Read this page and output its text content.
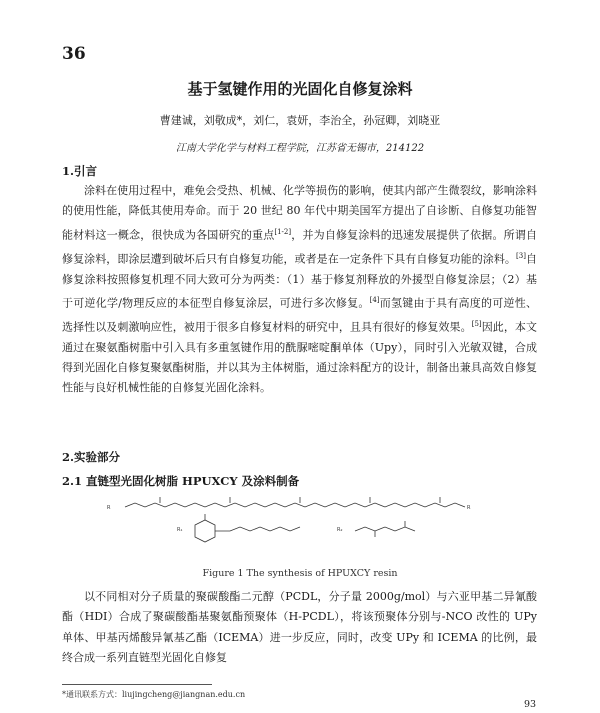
36
基于氢键作用的光固化自修复涂料
曹建诚，刘敬成*，刘仁，袁妍，李治全，孙冠卿，刘晓亚
江南大学化学与材料工程学院，江苏省无锡市，214122
1.引言

涂料在使用过程中，难免会受热、机械、化学等损伤的影响，使其内部产生微裂纹，影响涂料的使用性能，降低其使用寿命。而于 20 世纪 80 年代中期美国军方提出了自诊断、自修复功能智能材料这一概念，很快成为各国研究的重点[1-2]，并为自修复涂料的迅速发展提供了依据。所谓自修复涂料，即涂层遭到破坏后只有自修复功能，或者是在一定条件下具有自修复功能的涂料。[3]自修复涂料按照修复机理不同大致可分为两类：（1）基于修复剂释放的外援型自修复涂层；（2）基于可逆化学/物理反应的本征型自修复涂层，可进行多次修复。[4]而氢键由于具有高度的可逆性、选择性以及刺激响应性，被用于很多自修复材料的研究中，且具有很好的修复效果。[5]因此，本文通过在聚氨酯树脂中引入具有多重氢键作用的酰脲嘧啶酮单体（Upy），同时引入光敏双键，合成得到光固化自修复聚氨酯树脂，并以其为主体树脂，通过涂料配方的设计，制备出兼具高效自修复性能与良好机械性能的自修复光固化涂料。

2.实验部分
2.1 直链型光固化树脂 HPUXCY 及涂料制备
R	R
R₁	R₂
Figure 1 The synthesis of HPUXCY resin

以不同相对分子质量的聚碳酸酯二元醇（PCDL，分子量 2000g/mol）与六亚甲基二异氰酸酯（HDI）合成了聚碳酸酯基聚氨酯预聚体（H-PCDL），将该预聚体分别与-NCO 改性的 UPy 单体、甲基丙烯酸异氰基乙酯（ICEMA）进一步反应，同时，改变 UPy 和 ICEMA 的比例，最终合成一系列直链型光固化自修复

*通讯联系方式：liujingcheng@jiangnan.edu.cn
93
